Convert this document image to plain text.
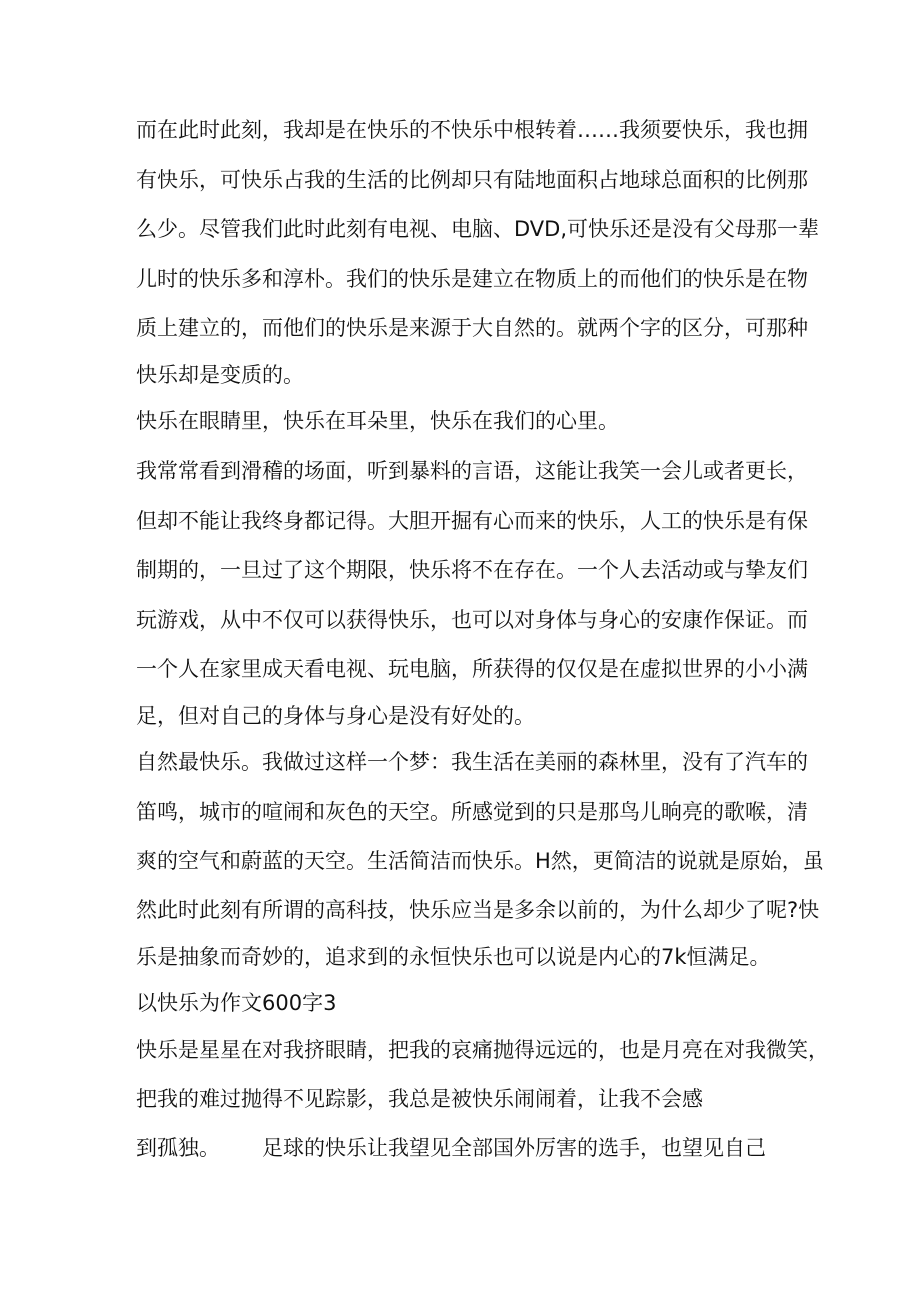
而在此时此刻，我却是在快乐的不快乐中根转着……我须要快乐，我也拥

有快乐，可快乐占我的生活的比例却只有陆地面积占地球总面积的比例那

么少。尽管我们此时此刻有电视、电脑、DVD,可快乐还是没有父母那一辈

儿时的快乐多和淳朴。我们的快乐是建立在物质上的而他们的快乐是在物

质上建立的，而他们的快乐是来源于大自然的。就两个字的区分，可那种

快乐却是变质的。

快乐在眼睛里，快乐在耳朵里，快乐在我们的心里。

我常常看到滑稽的场面，听到暴料的言语，这能让我笑一会儿或者更长，

但却不能让我终身都记得。大胆开掘有心而来的快乐，人工的快乐是有保

制期的，一旦过了这个期限，快乐将不在存在。一个人去活动或与挚友们

玩游戏，从中不仅可以获得快乐，也可以对身体与身心的安康作保证。而

一个人在家里成天看电视、玩电脑，所获得的仅仅是在虚拟世界的小小满

足，但对自己的身体与身心是没有好处的。

自然最快乐。我做过这样一个梦：我生活在美丽的森林里，没有了汽车的

笛鸣，城市的喧闹和灰色的天空。所感觉到的只是那鸟儿晌亮的歌喉，清

爽的空气和蔚蓝的天空。生活简洁而快乐。H然，更简洁的说就是原始，虽

然此时此刻有所谓的高科技，快乐应当是多余以前的，为什么却少了呢?快

乐是抽象而奇妙的，追求到的永恒快乐也可以说是内心的7k恒满足。

以快乐为作文600字3

快乐是星星在对我挤眼睛，把我的哀痛抛得远远的，也是月亮在对我微笑，

把我的难过抛得不见踪影，我总是被快乐闹闹着，让我不会感

到孤独。 足球的快乐让我望见全部国外厉害的选手，也望见自己
